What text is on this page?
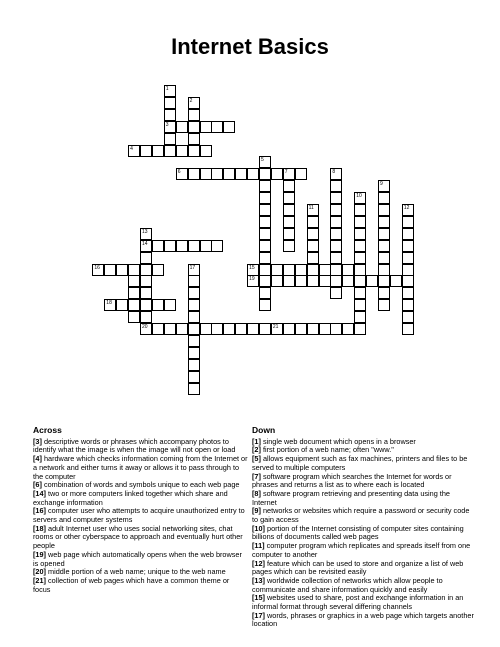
Internet Basics
1
3
2
4
5
6	7	8
9
10
11	12
13
14
20
15
16
19
17
18
21
Across

[3] descriptive words or phrases which accompany photos to identify what the image is when the image will not open or load

[4] hardware which checks information coming from the Internet or a network and either turns it away or allows it to pass through to the computer

[6] combination of words and symbols unique to each web page

[14] two or more computers linked together which share and exchange information

[16] computer user who attempts to acquire unauthorized entry to servers and computer systems

[18] adult Internet user who uses social networking sites, chat rooms or other cyberspace to approach and eventually hurt other people

[19] web page which automatically opens when the web browser is opened

[20] middle portion of a web name; unique to the web name

[21] collection of web pages which have a common theme or focus

Down

[1] single web document which opens in a browser

[2] first portion of a web name; often "www."

[5] allows equipment such as fax machines, printers and files to be served to multiple computers

[7] software program which searches the Internet for words or phrases and returns a list as to where each is located

[8] software program retrieving and presenting data using the Internet

[9] networks or websites which require a password or security code to gain access

[10] portion of the Internet consisting of computer sites containing billions of documents called web pages

[11] computer program which replicates and spreads itself from one computer to another

[12] feature which can be used to store and organize a list of web pages which can be revisited easily

[13] worldwide collection of networks which allow people to communicate and share information quickly and easily

[15] websites used to share, post and exchange information in an informal format through several differing channels

[17] words, phrases or graphics in a web page which targets another location
